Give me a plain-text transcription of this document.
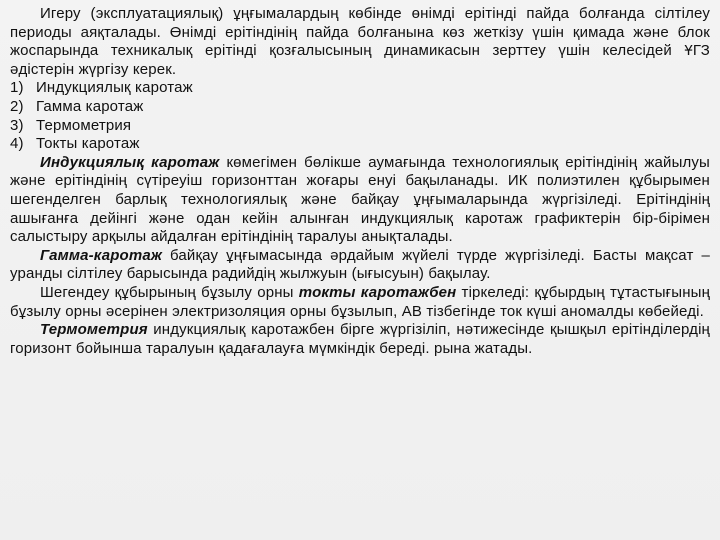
Игеру (эксплуатациялық) ұңғымалардың көбінде өнімді ерітінді пайда болғанда сілтілеу периоды аяқталады. Өнімді ерітіндінің пайда болғанына көз жеткізу үшін қимада және блок жоспарында техникалық ерітінді қозғалысының динамикасын зерттеу үшін келесідей ҰГЗ әдістерін жүргізу керек.

1) Индукциялық каротаж
2) Гамма каротаж
3) Термометрия
4) Токты каротаж

Индукциялық каротаж көмегімен бөлікше аумағында технологиялық ерітіндінің жайылуы және ерітіндінің сүтіреуіш горизонттан жоғары енуі бақыланады. ИК полиэтилен құбырымен шегенделген барлық технологиялық және байқау ұңғымаларында жүргізіледі. Ерітіндінің ашығанға дейінгі және одан кейін алынған индукциялық каротаж графиктерін бір-бірімен салыстыру арқылы айдалған ерітіндінің таралуы анықталады.

Гамма-каротаж байқау ұңғымасында әрдайым жүйелі түрде жүргізіледі. Басты мақсат – уранды сілтілеу барысында радийдің жылжуын (ығысуын) бақылау.

Шегендеу құбырының бұзылу орны токты каротажбен тіркеледі: құбырдың тұтастығының бұзылу орны әсерінен электризоляция орны бұзылып, АВ тізбегінде ток күші аномалды көбейеді.

Термометрия индукциялық каротажбен бірге жүргізіліп, нәтижесінде қышқыл ерітінділердің горизонт бойынша таралуын қадағалауға мүмкіндік береді. рына жатады.
